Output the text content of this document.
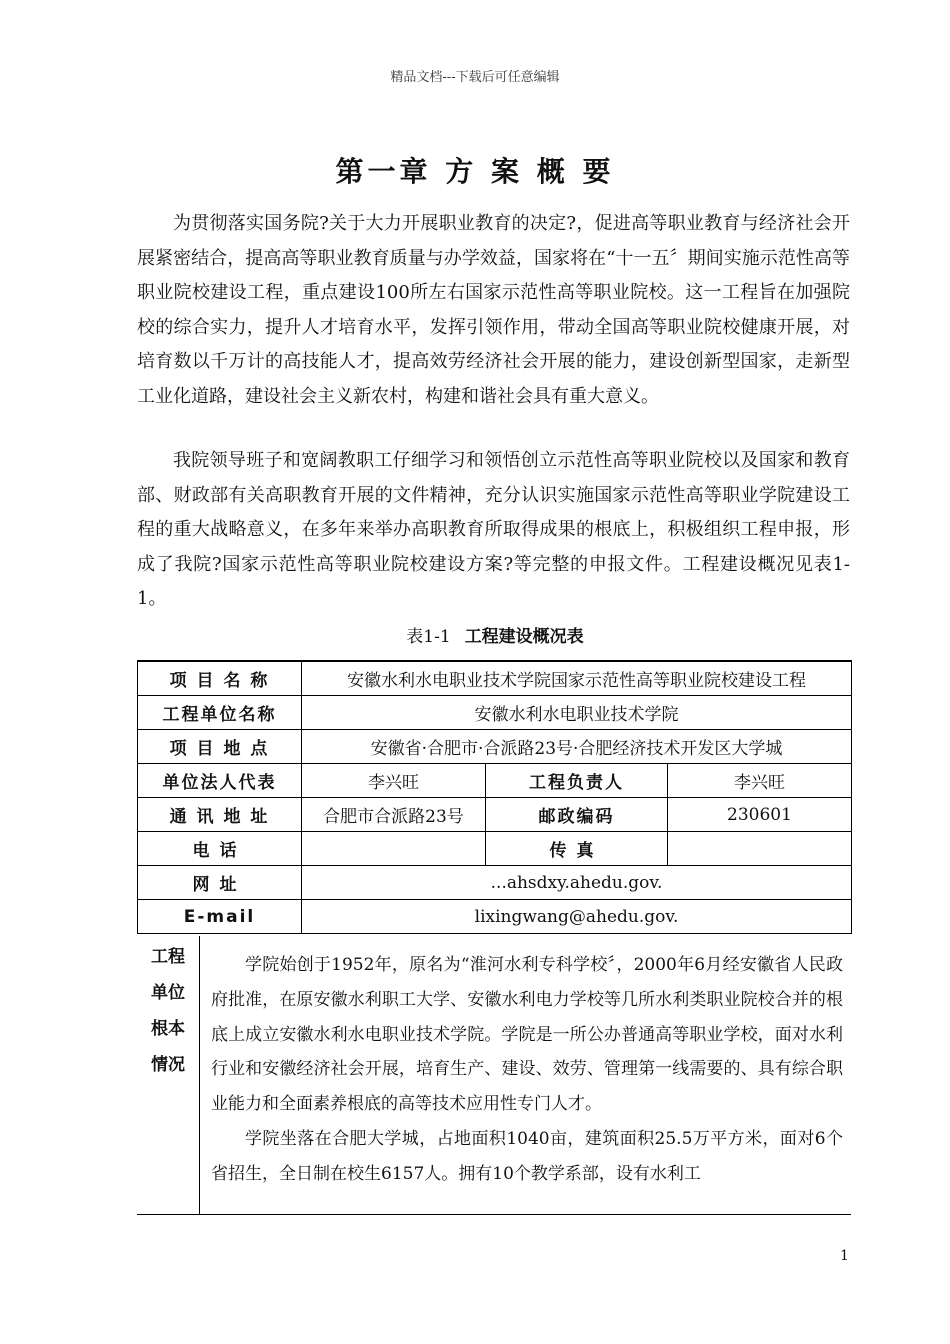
精品文档---下载后可任意编辑
第一章 方 案 概 要

为贯彻落实国务院?关于大力开展职业教育的决定?，促进高等职业教育与经济社会开展紧密结合，提高高等职业教育质量与办学效益，国家将在“十一五〞期间实施示范性高等职业院校建设工程，重点建设100所左右国家示范性高等职业院校。这一工程旨在加强院校的综合实力，提升人才培育水平，发挥引领作用，带动全国高等职业院校健康开展，对培育数以千万计的高技能人才，提高效劳经济社会开展的能力，建设创新型国家，走新型工业化道路，建设社会主义新农村，构建和谐社会具有重大意义。

我院领导班子和宽阔教职工仔细学习和领悟创立示范性高等职业院校以及国家和教育部、财政部有关高职教育开展的文件精神，充分认识实施国家示范性高等职业学院建设工程的重大战略意义，在多年来举办高职教育所取得成果的根底上，积极组织工程申报，形成了我院?国家示范性高等职业院校建设方案?等完整的申报文件。工程建设概况见表1-1。

表1-1 工程建设概况表
项 目 名 称	安徽水利水电职业技术学院国家示范性高等职业院校建设工程		
工程单位名称	安徽水利水电职业技术学院		
项 目 地 点	安徽省·合肥市·合派路23号·合肥经济技术开发区大学城		
单位法人代表	李兴旺	工程负责人	李兴旺
通 讯 地 址	合肥市合派路23号	邮政编码	230601
电话		传真	
网址	...ahsdxy.ahedu.gov.		
E-mail	lixingwang@ahedu.gov.		
工程
单位
根本
情况

学院始创于1952年，原名为“淮河水利专科学校〞，2000年6月经安徽省人民政府批准，在原安徽水利职工大学、安徽水利电力学校等几所水利类职业院校合并的根底上成立安徽水利水电职业技术学院。学院是一所公办普通高等职业学校，面对水利行业和安徽经济社会开展，培育生产、建设、效劳、管理第一线需要的、具有综合职业能力和全面素养根底的高等技术应用性专门人才。

学院坐落在合肥大学城，占地面积1040亩，建筑面积25.5万平方米，面对6个省招生，全日制在校生6157人。拥有10个教学系部，设有水利工

1
